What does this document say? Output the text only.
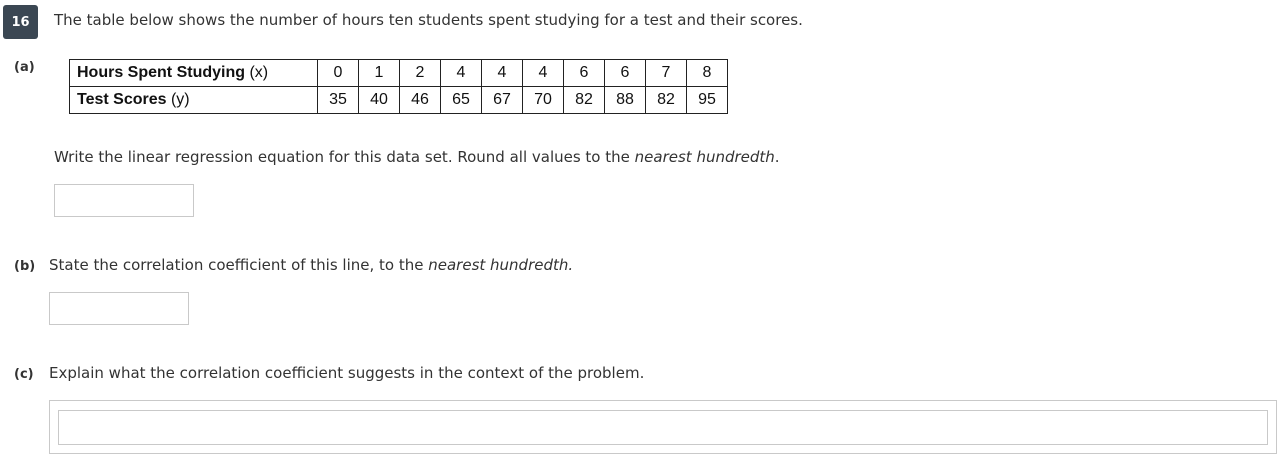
16	The table below shows the number of hours ten students spent studying for a test and their scores.
(a)	Hours Spent Studying (x)	0	1	2	4	4	4	6	6	7	8
Test Scores (y)	35	40	46	65	67	70	82	88	82	95
Write the linear regression equation for this data set. Round all values to the nearest hundredth.
(b) State the correlation coefficient of this line, to the nearest hundredth.
(c) Explain what the correlation coefficient suggests in the context of the problem.
